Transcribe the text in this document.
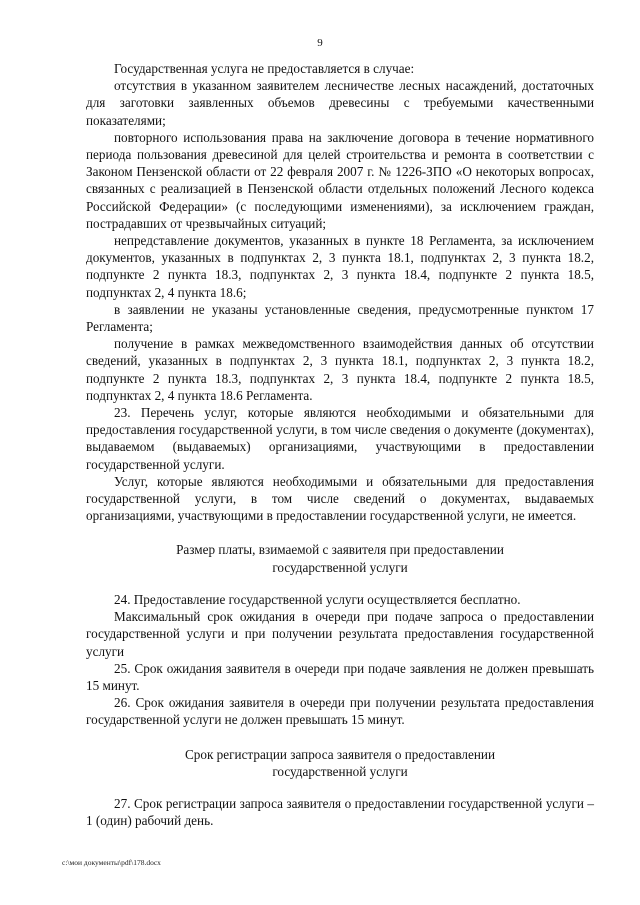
9

Государственная услуга не предоставляется в случае:

отсутствия в указанном заявителем лесничестве лесных насаждений, достаточных для заготовки заявленных объемов древесины с требуемыми качественными показателями;

повторного использования права на заключение договора в течение нормативного периода пользования древесиной для целей строительства и ремонта в соответствии с Законом Пензенской области от 22 февраля 2007 г. № 1226-ЗПО «О некоторых вопросах, связанных с реализацией в Пензенской области отдельных положений Лесного кодекса Российской Федерации» (с последующими изменениями), за исключением граждан, пострадавших от чрезвычайных ситуаций;

непредставление документов, указанных в пункте 18 Регламента, за исключением документов, указанных в подпунктах 2, 3 пункта 18.1, подпунктах 2, 3 пункта 18.2, подпункте 2 пункта 18.3, подпунктах 2, 3 пункта 18.4, подпункте 2 пункта 18.5, подпунктах 2, 4 пункта 18.6;

в заявлении не указаны установленные сведения, предусмотренные пунктом 17 Регламента;

получение в рамках межведомственного взаимодействия данных об отсутствии сведений, указанных в подпунктах 2, 3 пункта 18.1, подпунктах 2, 3 пункта 18.2, подпункте 2 пункта 18.3, подпунктах 2, 3 пункта 18.4, подпункте 2 пункта 18.5, подпунктах 2, 4 пункта 18.6 Регламента.

23. Перечень услуг, которые являются необходимыми и обязательными для предоставления государственной услуги, в том числе сведения о документе (документах), выдаваемом (выдаваемых) организациями, участвующими в предоставлении государственной услуги.

Услуг, которые являются необходимыми и обязательными для предоставления государственной услуги, в том числе сведений о документах, выдаваемых организациями, участвующими в предоставлении государственной услуги, не имеется.

Размер платы, взимаемой с заявителя при предоставлении
государственной услуги

24. Предоставление государственной услуги осуществляется бесплатно.

Максимальный срок ожидания в очереди при подаче запроса о предоставлении государственной услуги и при получении результата предоставления государственной услуги

25. Срок ожидания заявителя в очереди при подаче заявления не должен превышать 15 минут.

26. Срок ожидания заявителя в очереди при получении результата предоставления государственной услуги не должен превышать 15 минут.

Срок регистрации запроса заявителя о предоставлении
государственной услуги

27. Срок регистрации запроса заявителя о предоставлении государственной услуги – 1 (один) рабочий день.

c:\мои документы\pdf\178.docx
